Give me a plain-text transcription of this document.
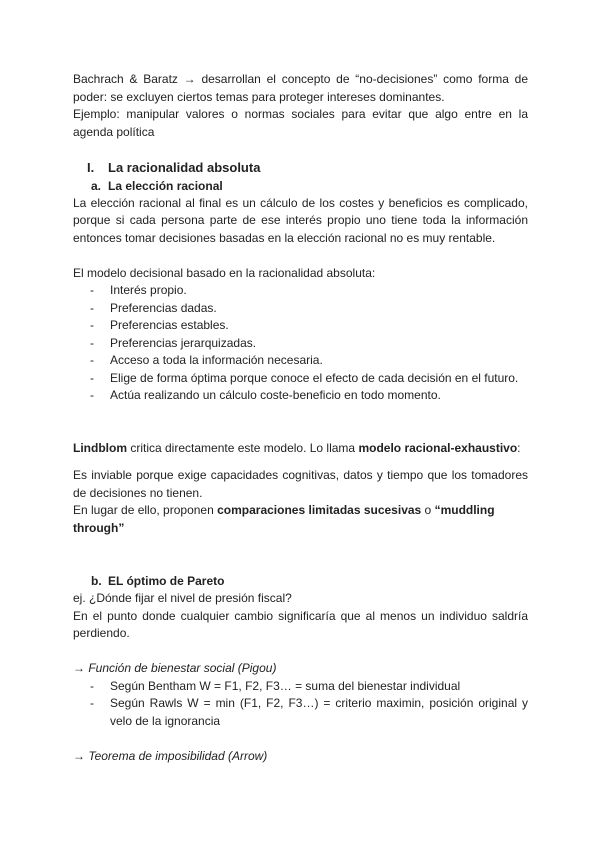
Bachrach & Baratz → desarrollan el concepto de “no-decisiones” como forma de poder: se excluyen ciertos temas para proteger intereses dominantes.

Ejemplo: manipular valores o normas sociales para evitar que algo entre en la agenda política

I.	La racionalidad absoluta
a. La elección racional

La elección racional al final es un cálculo de los costes y beneficios es complicado, porque si cada persona parte de ese interés propio uno tiene toda la información entonces tomar decisiones basadas en la elección racional no es muy rentable.

El modelo decisional basado en la racionalidad absoluta:

-	Interés propio.
-	Preferencias dadas.
-	Preferencias estables.
-	Preferencias jerarquizadas.
-	Acceso a toda la información necesaria.
-	Elige de forma óptima porque conoce el efecto de cada decisión en el futuro.
-	Actúa realizando un cálculo coste-beneficio en todo momento.

Lindblom critica directamente este modelo. Lo llama modelo racional-exhaustivo:

Es inviable porque exige capacidades cognitivas, datos y tiempo que los tomadores de decisiones no tienen.

En lugar de ello, proponen comparaciones limitadas sucesivas o “muddling through”

b. EL óptimo de Pareto

ej. ¿Dónde fijar el nivel de presión fiscal?

En el punto donde cualquier cambio significaría que al menos un individuo saldría perdiendo.

→ Función de bienestar social (Pigou)

-	Según Bentham W = F1, F2, F3… = suma del bienestar individual
-	Según Rawls W = min (F1, F2, F3…) = criterio maximin, posición original y velo de la ignorancia

→ Teorema de imposibilidad (Arrow)
